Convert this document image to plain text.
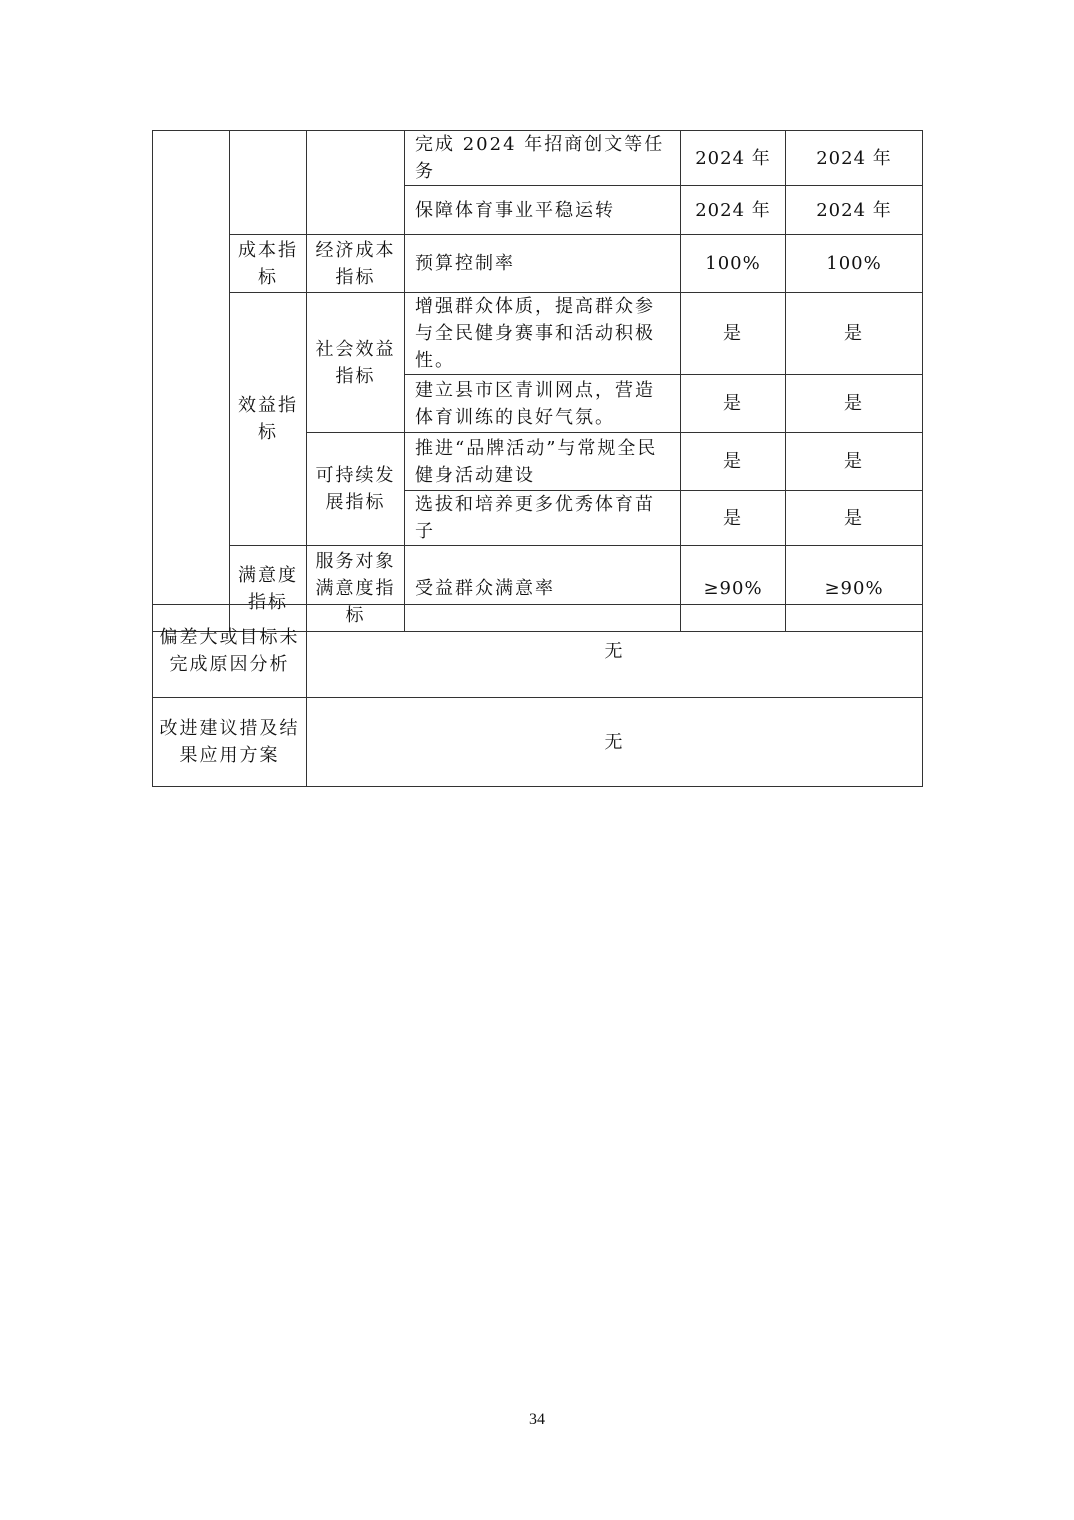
			完成 2024 年招商创文等任务	2024 年	2024 年
			保障体育事业平稳运转	2024 年	2024 年
	成本指标	经济成本指标	预算控制率	100%	100%
	效益指标	社会效益指标	增强群众体质，提高群众参与全民健身赛事和活动积极性。	是	是
			建立县市区青训网点，营造体育训练的良好气氛。	是	是
		可持续发展指标	推进“品牌活动”与常规全民健身活动建设	是	是
			选拔和培养更多优秀体育苗子	是	是
	满意度指标	服务对象满意度指标	受益群众满意率	≥90%	≥90%
偏差大或目标未完成原因分析	无
改进建议措及结果应用方案	无
34
